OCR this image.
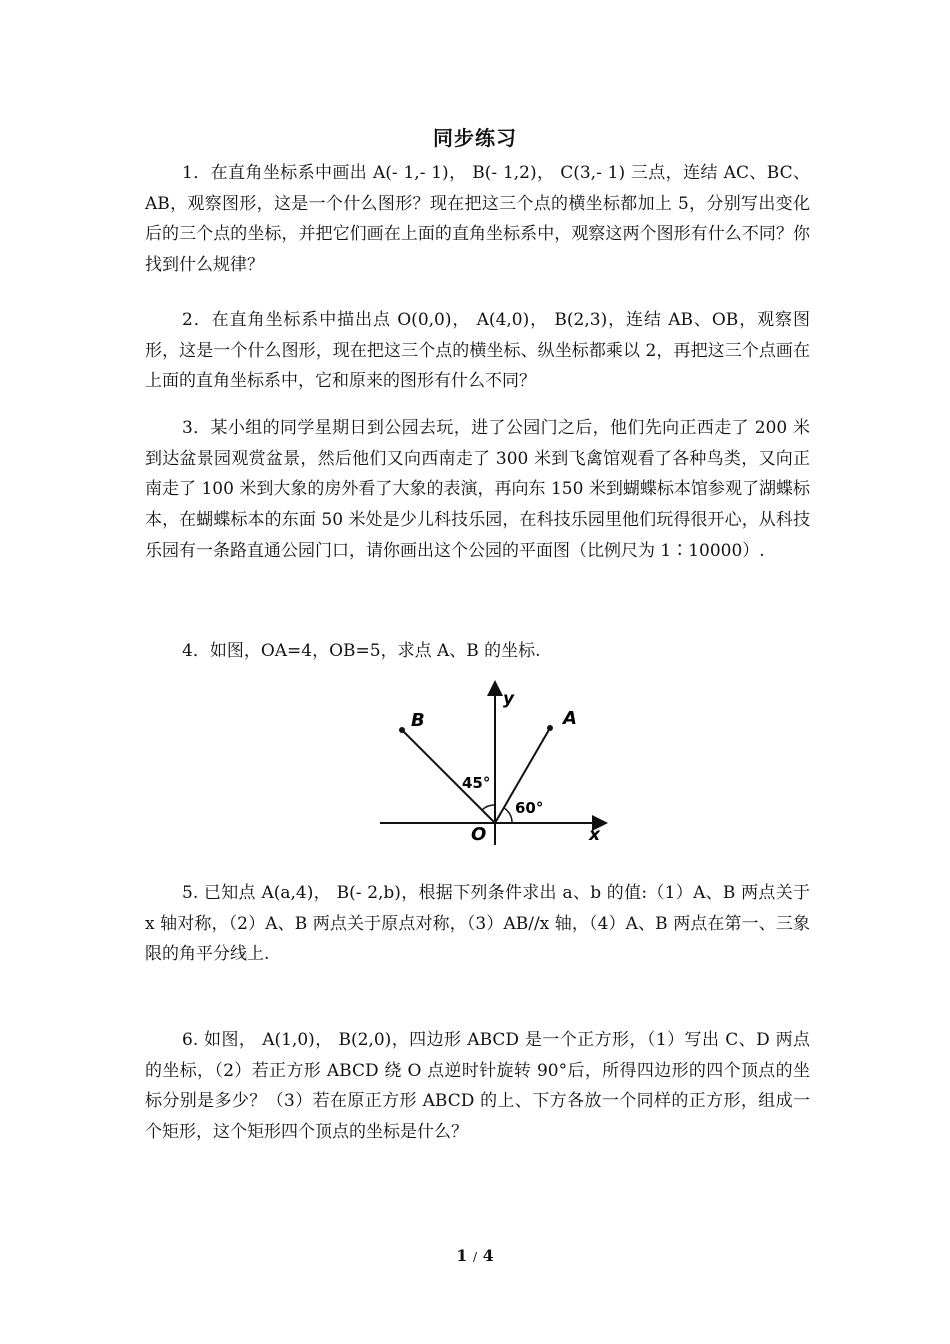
同步练习

1．在直角坐标系中画出 A(- 1,- 1)， B(- 1,2)， C(3,- 1) 三点，连结 AC、BC、AB，观察图形，这是一个什么图形？现在把这三个点的横坐标都加上 5，分别写出变化后的三个点的坐标，并把它们画在上面的直角坐标系中，观察这两个图形有什么不同？你找到什么规律？

2．在直角坐标系中描出点 O(0,0)， A(4,0)， B(2,3)，连结 AB、OB，观察图形，这是一个什么图形，现在把这三个点的横坐标、纵坐标都乘以 2，再把这三个点画在上面的直角坐标系中，它和原来的图形有什么不同？

3．某小组的同学星期日到公园去玩，进了公园门之后，他们先向正西走了 200 米到达盆景园观赏盆景，然后他们又向西南走了 300 米到飞禽馆观看了各种鸟类，又向正南走了 100 米到大象的房外看了大象的表演，再向东 150 米到蝴蝶标本馆参观了湖蝶标本，在蝴蝶标本的东面 50 米处是少儿科技乐园，在科技乐园里他们玩得很开心，从科技乐园有一条路直通公园门口，请你画出这个公园的平面图（比例尺为 1∶10000）.

4．如图，OA=4，OB=5，求点 A、B 的坐标.

B	A
y
x
O
45°
60°

5. 已知点 A(a,4)， B(- 2,b)，根据下列条件求出 a、b 的值:（1）A、B 两点关于 x 轴对称，（2）A、B 两点关于原点对称，（3）AB//x 轴，（4）A、B 两点在第一、三象限的角平分线上.

6. 如图， A(1,0)， B(2,0)，四边形 ABCD 是一个正方形，（1）写出 C、D 两点的坐标，（2）若正方形 ABCD 绕 O 点逆时针旋转 90°后，所得四边形的四个顶点的坐标分别是多少？（3）若在原正方形 ABCD 的上、下方各放一个同样的正方形，组成一个矩形，这个矩形四个顶点的坐标是什么？

1 / 4
